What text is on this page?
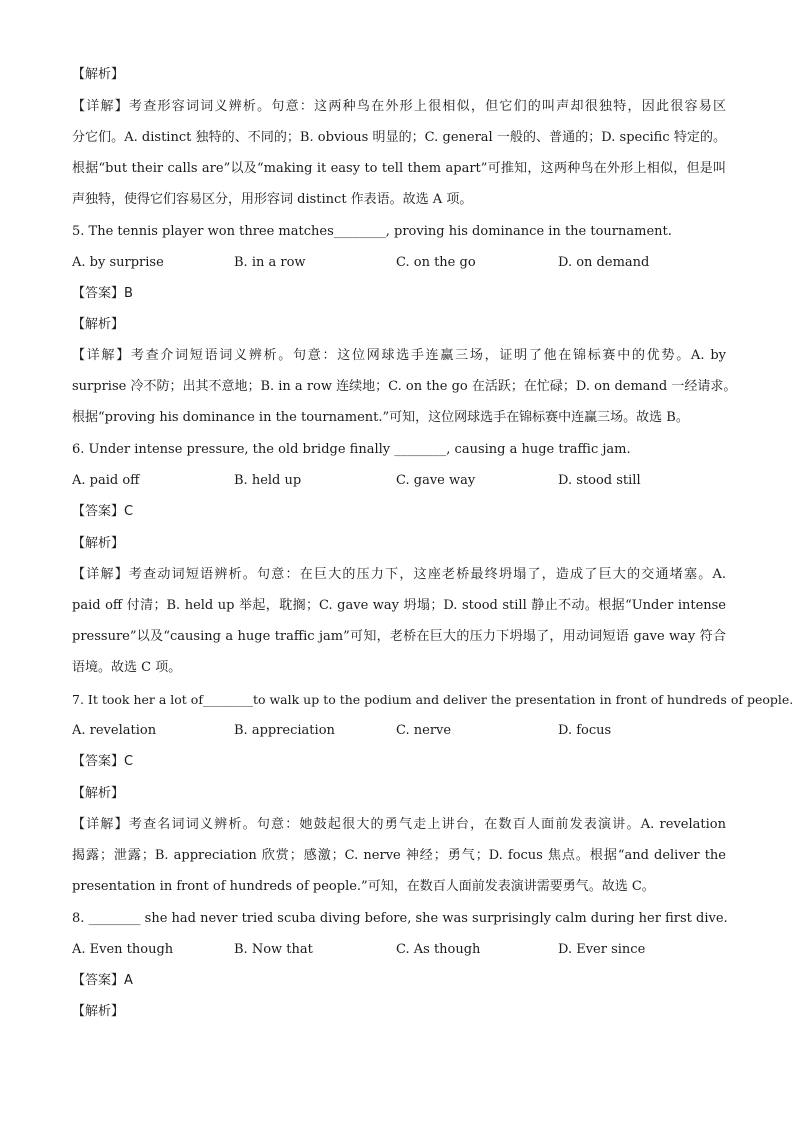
【解析】
【详解】考查形容词词义辨析。句意：这两种鸟在外形上很相似，但它们的叫声却很独特，因此很容易区
分它们。A. distinct 独特的、不同的；B. obvious 明显的；C. general 一般的、普通的；D. specific 特定的。
根据“but their calls are”以及“making it easy to tell them apart”可推知，这两种鸟在外形上相似，但是叫
声独特，使得它们容易区分，用形容词 distinct 作表语。故选 A 项。
5. The tennis player won three matches________, proving his dominance in the tournament.
A. by surprise	B. in a row	C. on the go	D. on demand
【答案】B
【解析】
【详解】考查介词短语词义辨析。句意：这位网球选手连赢三场，证明了他在锦标赛中的优势。A. by
surprise 冷不防；出其不意地；B. in a row 连续地；C. on the go 在活跃；在忙碌；D. on demand 一经请求。
根据“proving his dominance in the tournament.”可知，这位网球选手在锦标赛中连赢三场。故选 B。
6. Under intense pressure, the old bridge finally ________, causing a huge traffic jam.
A. paid off	B. held up	C. gave way	D. stood still
【答案】C
【解析】
【详解】考查动词短语辨析。句意：在巨大的压力下，这座老桥最终坍塌了，造成了巨大的交通堵塞。A.
paid off 付清；B. held up 举起，耽搁；C. gave way 坍塌；D. stood still 静止不动。根据“Under intense
pressure”以及“causing a huge traffic jam”可知，老桥在巨大的压力下坍塌了，用动词短语 gave way 符合
语境。故选 C 项。
7. It took her a lot of________to walk up to the podium and deliver the presentation in front of hundreds of people.
A. revelation	B. appreciation	C. nerve	D. focus
【答案】C
【解析】
【详解】考查名词词义辨析。句意：她鼓起很大的勇气走上讲台，在数百人面前发表演讲。A. revelation
揭露；泄露；B. appreciation 欣赏；感激；C. nerve 神经；勇气；D. focus 焦点。根据“and deliver the
presentation in front of hundreds of people.”可知，在数百人面前发表演讲需要勇气。故选 C。
8. ________ she had never tried scuba diving before, she was surprisingly calm during her first dive.
A. Even though	B. Now that	C. As though	D. Ever since
【答案】A
【解析】
